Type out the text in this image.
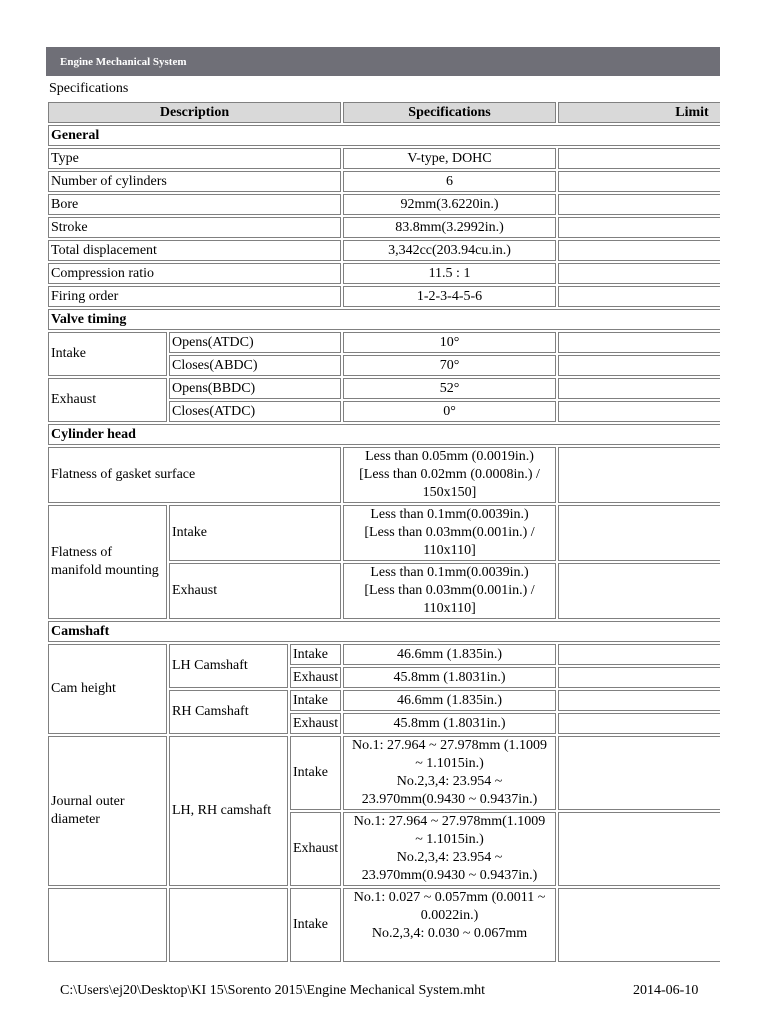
Engine Mechanical System
Specifications
Description			Specifications	Limit
General				
Type			V-type, DOHC	
Number of cylinders			6	
Bore			92mm(3.6220in.)	
Stroke			83.8mm(3.2992in.)	
Total displacement			3,342cc(203.94cu.in.)	
Compression ratio			11.5 : 1	
Firing order			1-2-3-4-5-6	
Valve timing				
Intake	Opens(ATDC)		10°	
	Closes(ABDC)		70°	
Exhaust	Opens(BBDC)		52°	
	Closes(ATDC)		0°	
Cylinder head				
Flatness of gasket surface			Less than 0.05mm (0.0019in.)
[Less than 0.02mm (0.0008in.) /
150x150]	

Flatness of manifold mounting	Intake		Less than 0.1mm(0.0039in.)
[Less than 0.03mm(0.001in.) /
110x110]	

	Exhaust		Less than 0.1mm(0.0039in.)
[Less than 0.03mm(0.001in.) /
110x110]	

Camshaft				
Cam height	LH Camshaft	Intake	46.6mm (1.835in.)	
		Exhaust	45.8mm (1.8031in.)	
	RH Camshaft	Intake	46.6mm (1.835in.)	
		Exhaust	45.8mm (1.8031in.)	
Journal outer diameter	LH, RH camshaft	Intake	No.1: 27.964 ~ 27.978mm (1.1009
~ 1.1015in.)
No.2,3,4: 23.954 ~
23.970mm(0.9430 ~ 0.9437in.)	

		Exhaust	No.1: 27.964 ~ 27.978mm(1.1009
~ 1.1015in.)
No.2,3,4: 23.954 ~
23.970mm(0.9430 ~ 0.9437in.)	

		Intake	No.1: 0.027 ~ 0.057mm (0.0011 ~
0.0022in.)
No.2,3,4: 0.030 ~ 0.067mm	

C:\Users\ej20\Desktop\KI 15\Sorento 2015\Engine Mechanical System.mht	2014-06-10
